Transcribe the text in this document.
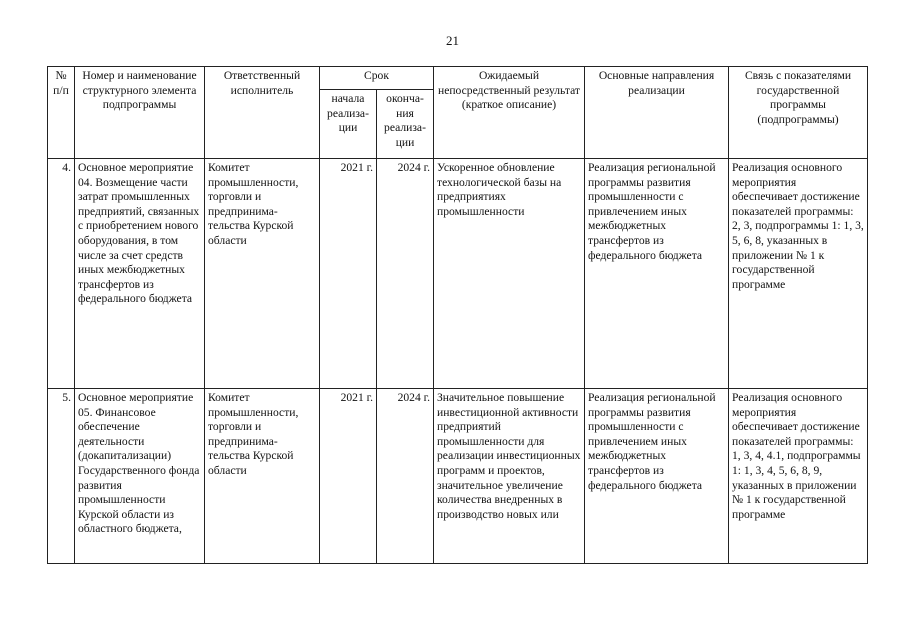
21
№ п/п	Номер и наименование структурного элемента подпрограммы	Ответственный исполнитель	Срок		Ожидаемый непосредственный результат (краткое описание)	Основные направления реализации	Связь с показателями государственной программы (подпрограммы)
			начала реализа-ции	оконча-ния реализа-ции			
4.	Основное мероприятие 04. Возмещение части затрат промышленных предприятий, связанных с приобретением нового оборудования, в том числе за счет средств иных межбюджетных трансфертов из федерального бюджета	Комитет промышленности, торговли и предпринима-тельства Курской области	2021 г.	2024 г.	Ускоренное обновление технологической базы на предприятиях промышленности	Реализация региональной программы развития промышленности с привлечением иных межбюджетных трансфертов из федерального бюджета	Реализация основного мероприятия обеспечивает достижение показателей программы: 2, 3, подпрограммы 1: 1, 3, 5, 6, 8, указанных в приложении № 1 к государственной программе
5.	Основное мероприятие 05. Финансовое обеспечение деятельности (докапитализации) Государственного фонда развития промышленности Курской области из областного бюджета,	Комитет промышленности, торговли и предпринима-тельства Курской области	2021 г.	2024 г.	Значительное повышение инвестиционной активности предприятий промышленности для реализации инвестиционных программ и проектов, значительное увеличение количества внедренных в производство новых или	Реализация региональной программы развития промышленности с привлечением иных межбюджетных трансфертов из федерального бюджета	Реализация основного мероприятия обеспечивает достижение показателей программы: 1, 3, 4, 4.1, подпрограммы 1: 1, 3, 4, 5, 6, 8, 9, указанных в приложении № 1 к государственной программе
